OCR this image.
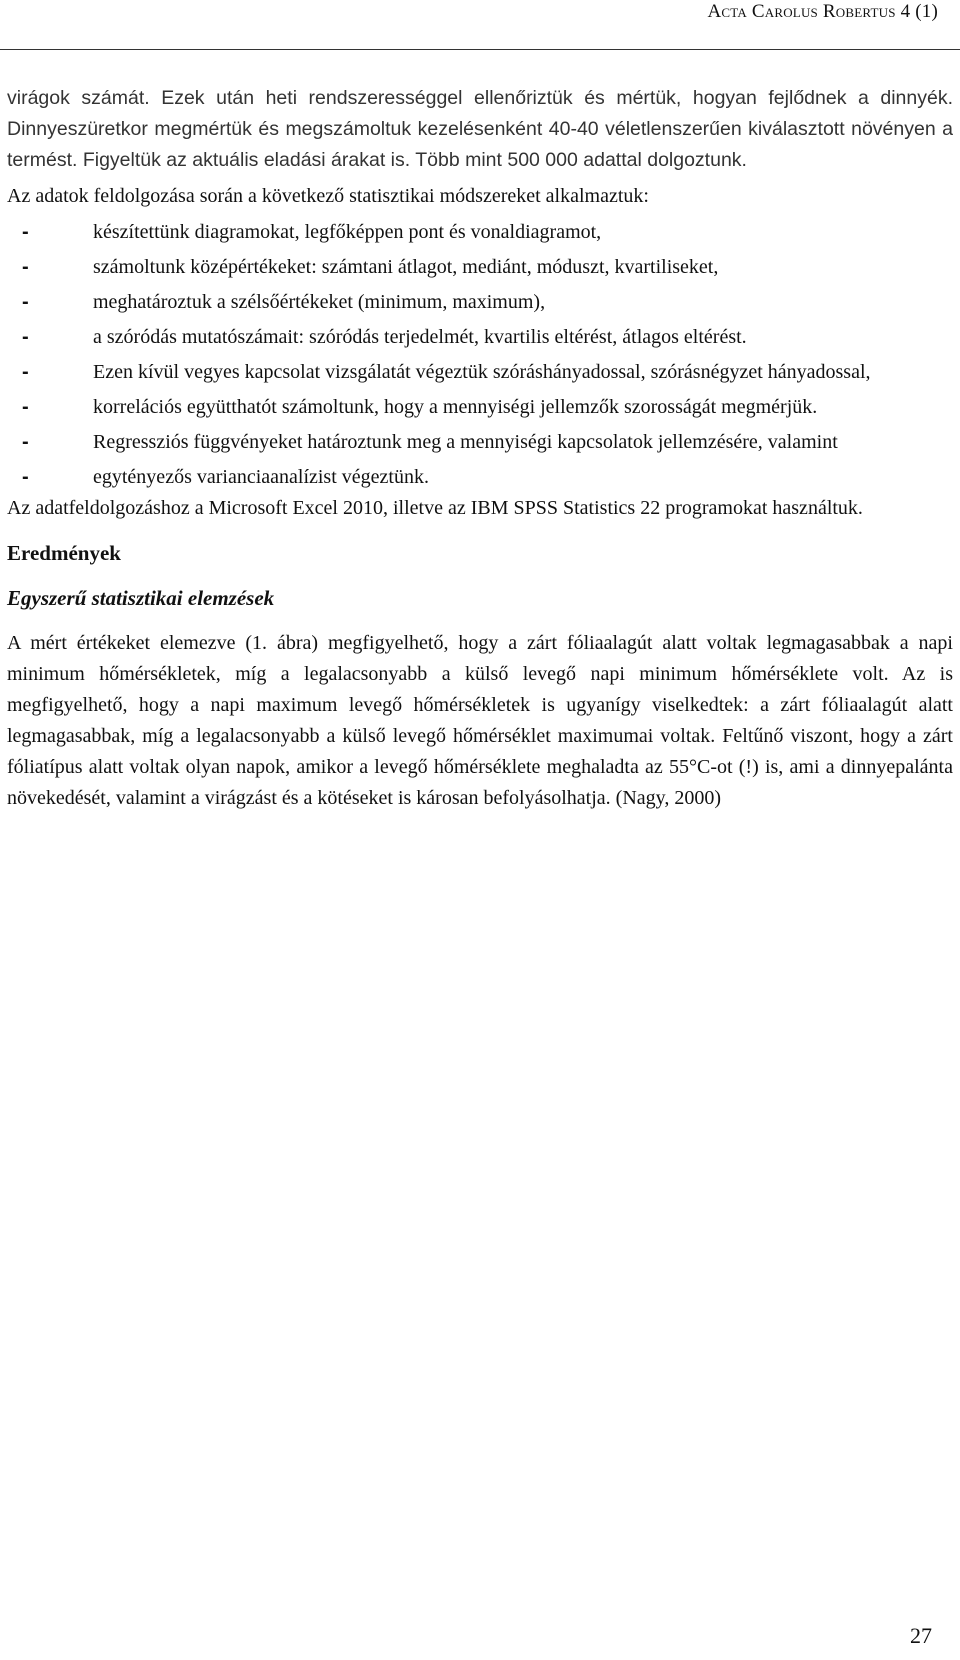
Acta Carolus Robertus 4 (1)

virágok számát. Ezek után heti rendszerességgel ellenőriztük és mértük, hogyan fejlődnek a dinnyék. Dinnyeszüretkor megmértük és megszámoltuk kezelésenként 40-40 véletlenszerűen kiválasztott növényen a termést. Figyeltük az aktuális eladási árakat is. Több mint 500 000 adattal dolgoztunk.

Az adatok feldolgozása során a következő statisztikai módszereket alkalmaztuk:

-	készítettünk diagramokat, legfőképpen pont és vonaldiagramot,
-	számoltunk középértékeket: számtani átlagot, mediánt, móduszt, kvartiliseket,
-	meghatároztuk a szélsőértékeket (minimum, maximum),
-	a szóródás mutatószámait: szóródás terjedelmét, kvartilis eltérést, átlagos eltérést.
-	Ezen kívül vegyes kapcsolat vizsgálatát végeztük szóráshányadossal, szórásnégyzet hányadossal,
-	korrelációs együtthatót számoltunk, hogy a mennyiségi jellemzők szorosságát megmérjük.
-	Regressziós függvényeket határoztunk meg a mennyiségi kapcsolatok jellemzésére, valamint
-	egytényezős varianciaanalízist végeztünk.

Az adatfeldolgozáshoz a Microsoft Excel 2010, illetve az IBM SPSS Statistics 22 programokat használtuk.

Eredmények
Egyszerű statisztikai elemzések

A mért értékeket elemezve (1. ábra) megfigyelhető, hogy a zárt fóliaalagút alatt voltak legmagasabbak a napi minimum hőmérsékletek, míg a legalacsonyabb a külső levegő napi minimum hőmérséklete volt. Az is megfigyelhető, hogy a napi maximum levegő hőmérsékletek is ugyanígy viselkedtek: a zárt fóliaalagút alatt legmagasabbak, míg a legalacsonyabb a külső levegő hőmérséklet maximumai voltak. Feltűnő viszont, hogy a zárt fóliatípus alatt voltak olyan napok, amikor a levegő hőmérséklete meghaladta az 55°C-ot (!) is, ami a dinnyepalánta növekedését, valamint a virágzást és a kötéseket is károsan befolyásolhatja. (Nagy, 2000)

27
